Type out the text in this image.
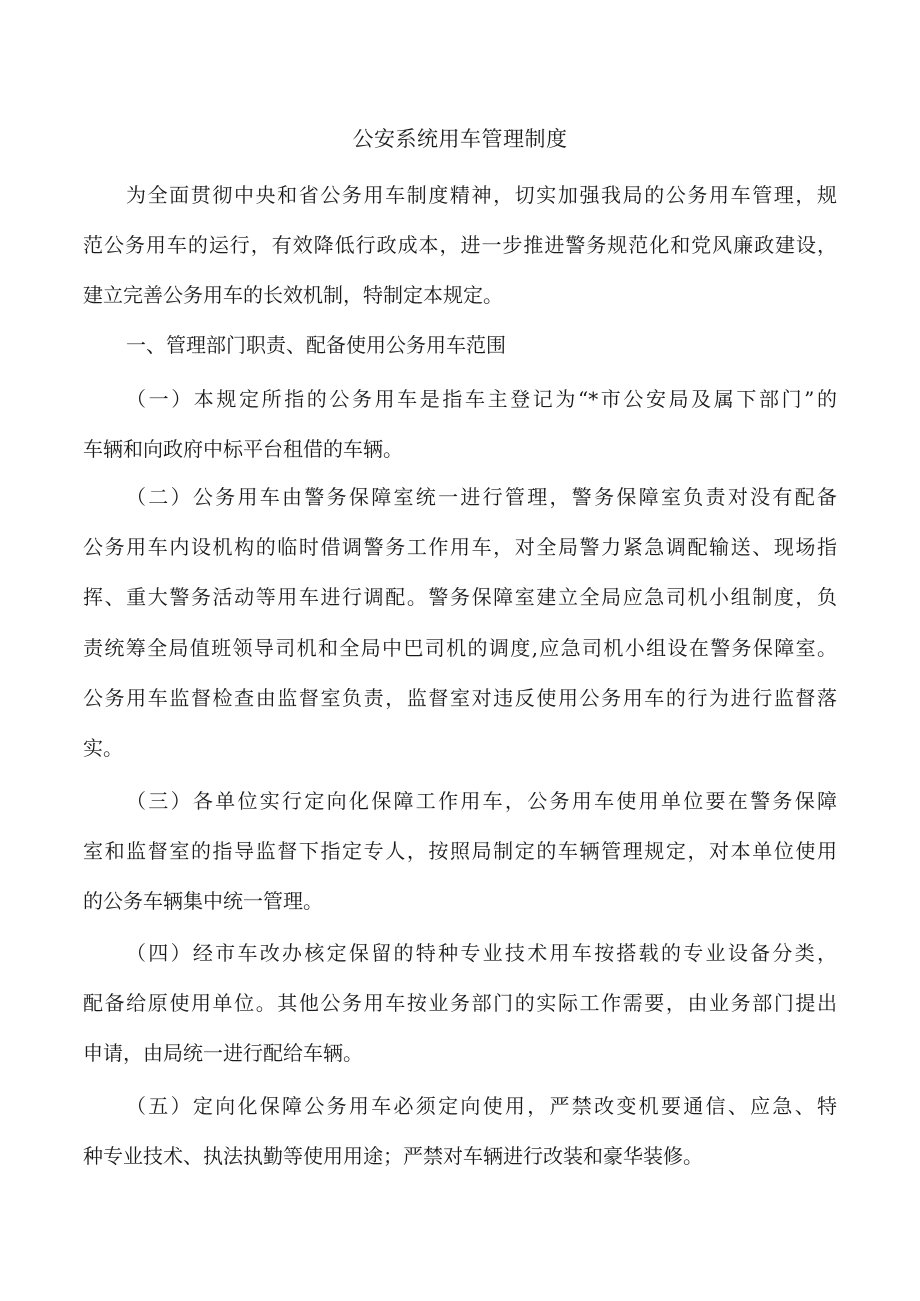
公安系统用车管理制度
为全面贯彻中央和省公务用车制度精神，切实加强我局的公务用车管理，规
范公务用车的运行，有效降低行政成本，进一步推进警务规范化和党风廉政建设，
建立完善公务用车的长效机制，特制定本规定。
一、管理部门职责、配备使用公务用车范围
（一）本规定所指的公务用车是指车主登记为“*市公安局及属下部门”的
车辆和向政府中标平台租借的车辆。
（二）公务用车由警务保障室统一进行管理，警务保障室负责对没有配备
公务用车内设机构的临时借调警务工作用车，对全局警力紧急调配输送、现场指
挥、重大警务活动等用车进行调配。警务保障室建立全局应急司机小组制度，负
责统筹全局值班领导司机和全局中巴司机的调度,应急司机小组设在警务保障室。
公务用车监督检查由监督室负责，监督室对违反使用公务用车的行为进行监督落
实。
（三）各单位实行定向化保障工作用车，公务用车使用单位要在警务保障
室和监督室的指导监督下指定专人，按照局制定的车辆管理规定，对本单位使用
的公务车辆集中统一管理。
（四）经市车改办核定保留的特种专业技术用车按搭载的专业设备分类，
配备给原使用单位。其他公务用车按业务部门的实际工作需要，由业务部门提出
申请，由局统一进行配给车辆。
（五）定向化保障公务用车必须定向使用，严禁改变机要通信、应急、特
种专业技术、执法执勤等使用用途；严禁对车辆进行改装和豪华装修。
